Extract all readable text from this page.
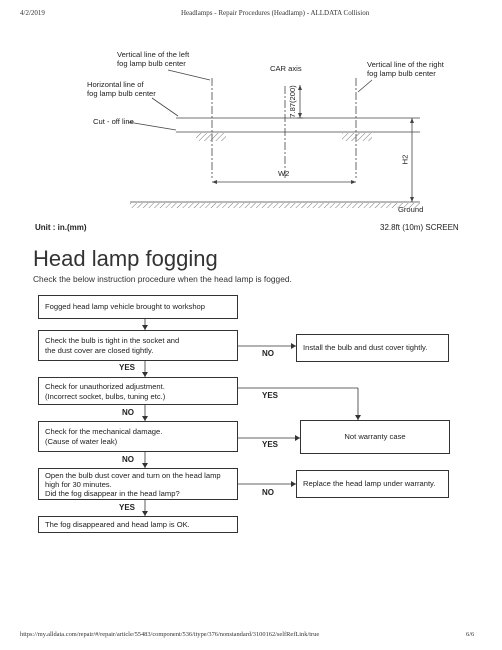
4/2/2019	Headlamps - Repair Procedures (Headlamp) - ALLDATA Collision
Vertical line of the left
fog lamp bulb center
Horizontal line of
fog lamp bulb center
Cut - off line
CAR axis
7.87(200)
Vertical line of the right
fog lamp bulb center
H2
W2
Ground
Unit : in.(mm)	32.8ft (10m) SCREEN
Head lamp fogging
Check the below instruction procedure when the head lamp is fogged.
Fogged head lamp vehicle brought to workshop
Check the bulb is tight in the socket and
the dust cover are closed tightly.
Check for unauthorized adjustment.
(Incorrect socket, bulbs, tuning etc.)
Check for the mechanical damage.
(Cause of water leak)
Open the bulb dust cover and turn on the head lamp
high for 30 minutes.
Did the fog disappear in the head lamp?
The fog disappeared and head lamp is OK.
Install the bulb and dust cover tightly.
Not warranty case
Replace the head lamp under warranty.
YES
NO
YES
NO
YES
NO
NO
YES
https://my.alldata.com/repair/#/repair/article/55483/component/536/itype/376/nonstandard/3100162/selfRefLink/true	6/6
